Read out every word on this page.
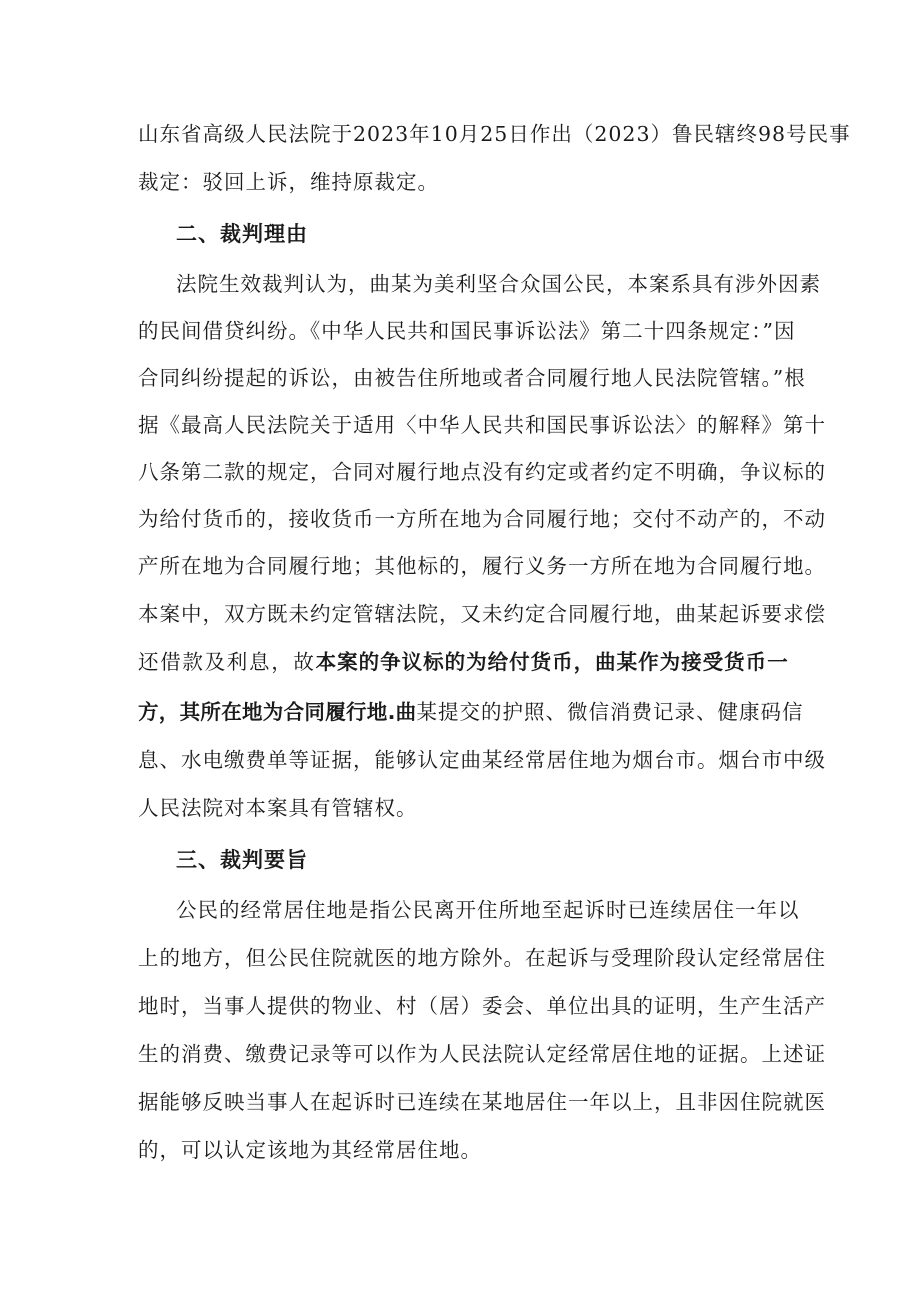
山东省高级人民法院于2023年10月25日作出（2023）鲁民辖终98号民事
裁定：驳回上诉，维持原裁定。
二、裁判理由
法院生效裁判认为，曲某为美利坚合众国公民，本案系具有涉外因素
的民间借贷纠纷。《中华人民共和国民事诉讼法》第二十四条规定：”因
合同纠纷提起的诉讼，由被告住所地或者合同履行地人民法院管辖。”根
据《最高人民法院关于适用〈中华人民共和国民事诉讼法〉的解释》第十
八条第二款的规定，合同对履行地点没有约定或者约定不明确，争议标的
为给付货币的，接收货币一方所在地为合同履行地；交付不动产的，不动
产所在地为合同履行地；其他标的，履行义务一方所在地为合同履行地。
本案中，双方既未约定管辖法院，又未约定合同履行地，曲某起诉要求偿
还借款及利息，故本案的争议标的为给付货币，曲某作为接受货币一
方，其所在地为合同履行地.曲某提交的护照、微信消费记录、健康码信
息、水电缴费单等证据，能够认定曲某经常居住地为烟台市。烟台市中级
人民法院对本案具有管辖权。
三、裁判要旨
公民的经常居住地是指公民离开住所地至起诉时已连续居住一年以
上的地方，但公民住院就医的地方除外。在起诉与受理阶段认定经常居住
地时，当事人提供的物业、村（居）委会、单位出具的证明，生产生活产
生的消费、缴费记录等可以作为人民法院认定经常居住地的证据。上述证
据能够反映当事人在起诉时已连续在某地居住一年以上，且非因住院就医
的，可以认定该地为其经常居住地。
